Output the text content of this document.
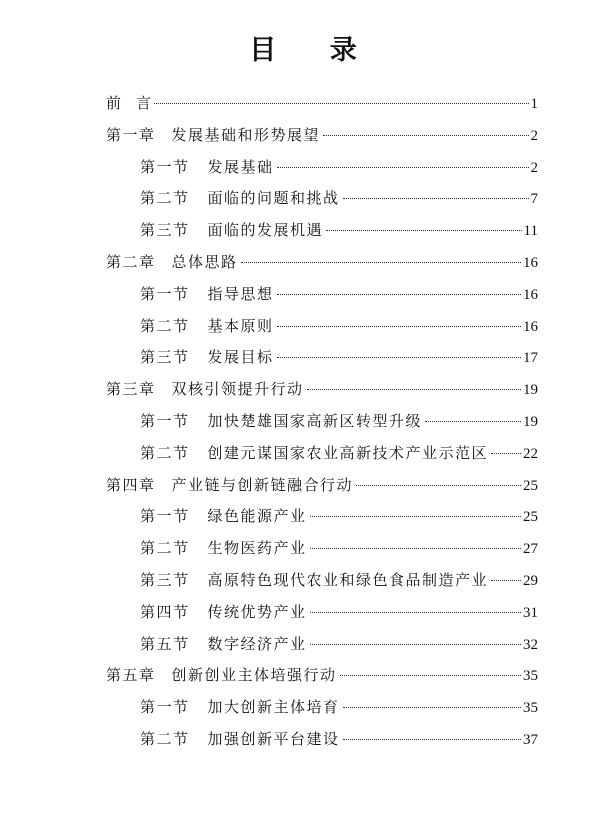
目 录
前　言	1
第一章 发展基础和形势展望	2
第一节 发展基础	2
第二节 面临的问题和挑战	7
第三节 面临的发展机遇	11
第二章 总体思路	16
第一节 指导思想	16
第二节 基本原则	16
第三节 发展目标	17
第三章 双核引领提升行动	19
第一节 加快楚雄国家高新区转型升级	19
第二节 创建元谋国家农业高新技术产业示范区 22
第四章 产业链与创新链融合行动	25
第一节 绿色能源产业	25
第二节 生物医药产业	27
第三节 高原特色现代农业和绿色食品制造产业 29
第四节 传统优势产业	31
第五节 数字经济产业	32
第五章 创新创业主体培强行动	35
第一节 加大创新主体培育	35
第二节 加强创新平台建设	37
